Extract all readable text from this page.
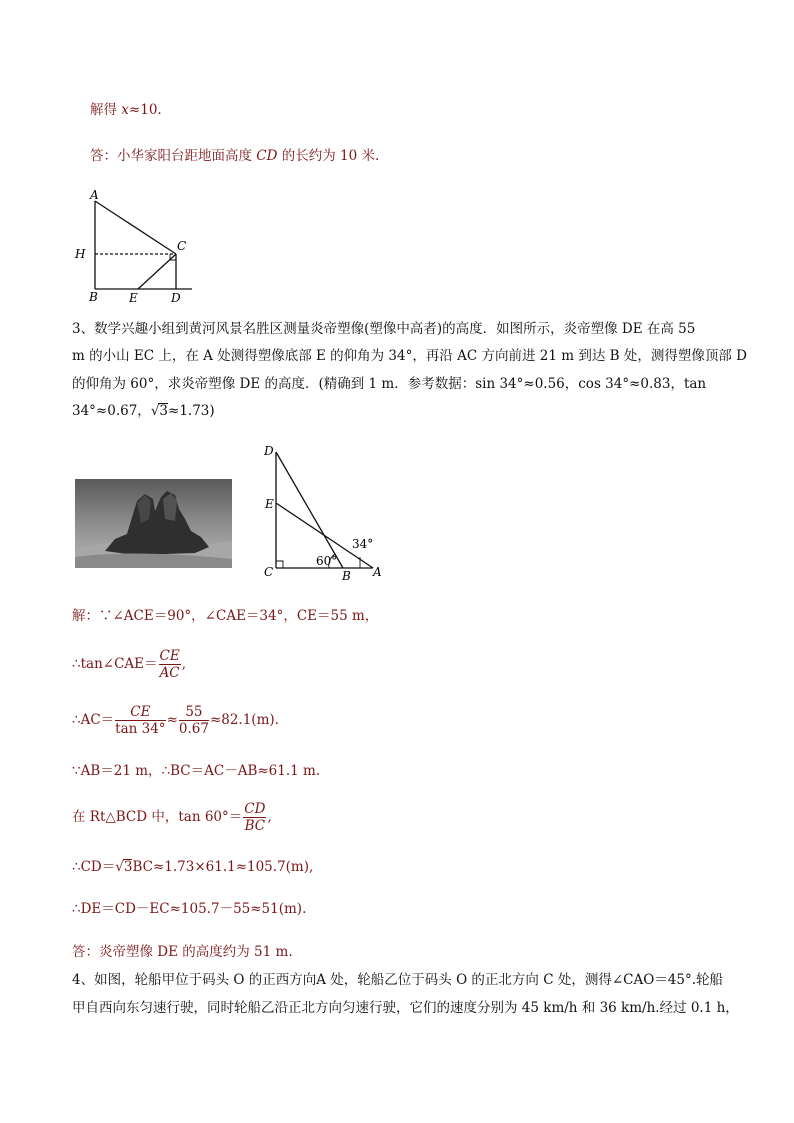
解得 x≈10.
答：小华家阳台距地面高度 CD 的长约为 10 米.
A
H
C
B	E	D
3、数学兴趣小组到黄河风景名胜区测量炎帝塑像(塑像中高者)的高度．如图所示，炎帝塑像 DE 在高 55
m 的小山 EC 上，在 A 处测得塑像底部 E 的仰角为 34°，再沿 AC 方向前进 21 m 到达 B 处，测得塑像顶部 D
的仰角为 60°，求炎帝塑像 DE 的高度．(精确到 1 m．参考数据：sin 34°≈0.56，cos 34°≈0.83，tan
34°≈0.67，√3≈1.73)
D
E
C	B A
60°
34°
解：∵∠ACE＝90°，∠CAE＝34°，CE＝55 m，
∴tan∠CAE＝ $\frac{CE}{AC}$ ,
∴AC＝ $\frac{CE}{\tan 34^\circ} \approx \frac{55}{0.67} \approx 82.1(m)$.
∵AB＝21 m，∴BC＝AC－AB≈61.1 m.
在 Rt△BCD 中，$\tan 60^\circ= \frac{CD}{BC}$ ,
∴CD＝√3BC≈1.73×61.1≈105.7(m),
∴DE＝CD－EC≈105.7－55≈51(m).
答：炎帝塑像 DE 的高度约为 51 m.
4、如图，轮船甲位于码头 O 的正西方向A 处，轮船乙位于码头 O 的正北方向 C 处，测得∠CAO＝45°.轮船
甲自西向东匀速行驶，同时轮船乙沿正北方向匀速行驶，它们的速度分别为 45 km/h 和 36 km/h.经过 0.1 h，
